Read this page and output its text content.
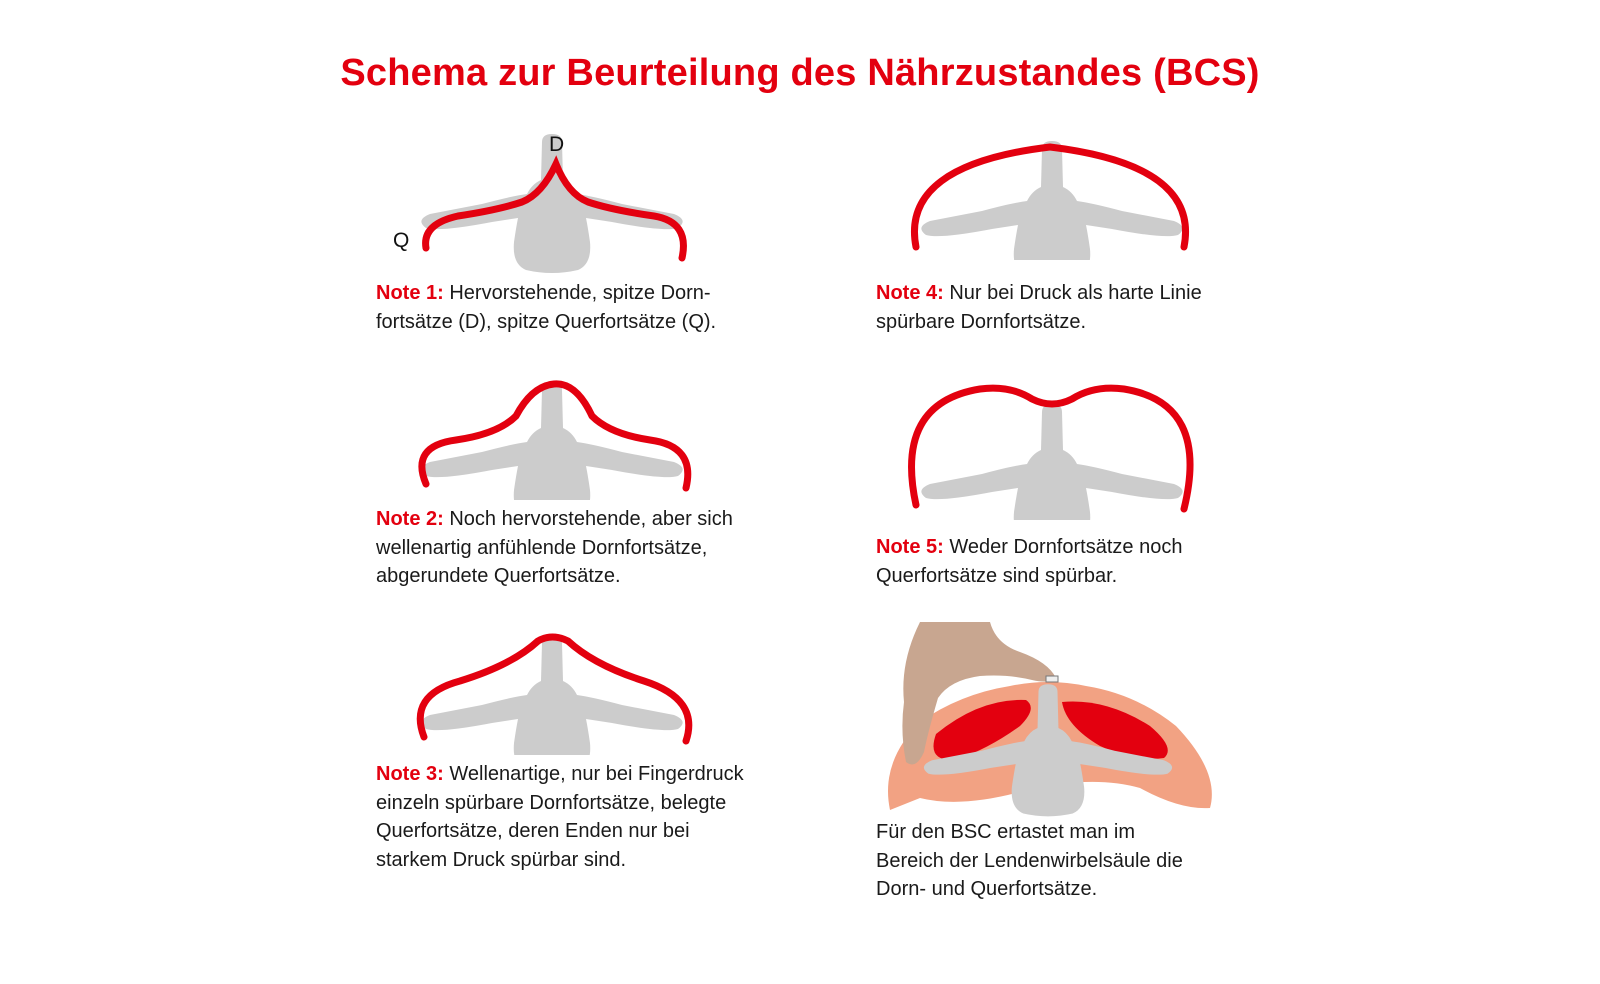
Schema zur Beurteilung des Nährzustandes (BCS)
D
Q
Note 1: Hervorstehende, spitze Dorn- fortsätze (D), spitze Querfortsätze (Q).
Note 2: Noch hervorstehende, aber sich wellenartig anfühlende Dornfortsätze, abgerundete Querfortsätze.
Note 3: Wellenartige, nur bei Fingerdruck einzeln spürbare Dornfortsätze, belegte Querfortsätze, deren Enden nur bei starkem Druck spürbar sind.
Note 4: Nur bei Druck als harte Linie spürbare Dornfortsätze.
Note 5: Weder Dornfortsätze noch Querfortsätze sind spürbar.
Für den BSC ertastet man im Bereich der Lendenwirbelsäule die Dorn- und Querfortsätze.
